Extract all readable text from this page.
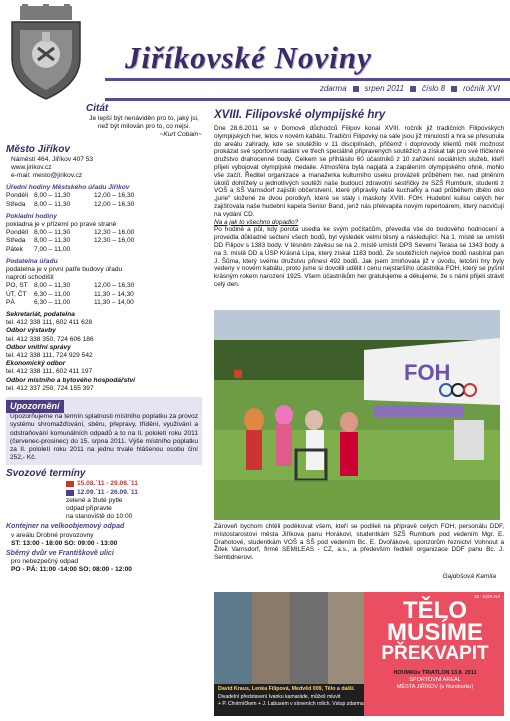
Jiříkovské Noviny
zdarma srpen 2011 číslo 8 ročník XVI
Citát
Je lepší být nenáviděn pro to, jaký jsi, než být milován pro to, co nejsi.
~Kurt Cobain~
Město Jiříkov
Náměstí 464, Jiříkov 407 53
www.jirikov.cz
e-mail: mesto@jirikov.cz
Úřední hodiny Městského úřadu Jiříkov
Pondělí 8,00 – 11,30	12,00 – 16,30
Středa	8,00 – 11,30	12,00 – 16,30
Pokladní hodiny
pokladna je v přízemí po pravé straně
Pondělí 8,00 – 11,30	12,30 – 16,00
Středa	8,00 – 11,30	12,30 – 16,00
Pátek	7,00 – 11,00
Podatelna úřadu
podatelna je v první patře budovy úřadu naproti schodišti
PO, ST 8,00 – 11,30	12,00 – 16,30
ÚT, ČT	6,30 – 11,00	11,30 – 14,30
PÁ	6,30 – 11,00	11,30 – 14,00
Sekretariát, podatelna
tel. 412 338 111, 602 411 628
Odbor výstavby
tel. 412 338 350, 724 606 186
Odbor vnitřní správy
tel. 412 338 111, 724 929 542
Ekonomický odbor
tel. 412 338 111, 602 411 197
Odbor místního a bytového hospodářství
tel. 412 337 250, 724 155 397
Upozornění
Upozorňujeme na termín splatnosti místního poplatku za provoz systému shromažďování, sběru, přepravy, třídění, využívání a odstraňování komunálních odpadů a to na II. pololetí roku 2011 (červenec-prosinec) do 15. srpna 2011. Výše místního poplatku za II. pololetí roku 2011 na jednu trvale hlášenou osobu činí 252,- Kč.
Svozové termíny
15.08.´11 - 29.08.´11
12.09.´11 - 26.09.´11
zelené a žluté pytle
odpad připravte
na stanoviště do 10:00
Kontejner na velkoobjemový odpad
v areálu Drobné provozovny
ST: 13:00 - 18:00 SO: 09:00 - 13:00
Sběrný dvůr ve Františkově ulici
pro nebezpečný odpad
PO - PÁ: 11:00 -14:00 SO: 08:00 - 12:00
XVIII. Filipovské olympijské hry
Dne 28.6.2011 se v Domově důchodců Filipov konal XVIII. ročník již tradičních Filipovských olympijských her, letos v novém kabátu. Tradiční Filipovky na sále jsou již minulostí a hra se přesunula do areálu zahrady, kde se soutěžilo v 11 disciplínách, přičemž i doprovody klientů měli možnost prokázat své sportovní nadání ve třech speciálně připravených soutěžích a získat tak pro své třičlenné družstvo drahocenné body. Celkem se přihlásilo 60 účastníků z 10 zařízení sociálních služeb, kteří přijeli vybojovat olympijské medaile. Atmosféra byla napjatá a zapálením olympijského ohně, mohlo vše začít. Ředitel organizace a manažerka kulturního úseku provázeli průběhem her, nad plněním úkolů dohlížely u jednotlivých soutěží naše budoucí zdravotní sestřičky ze SZŠ Rumburk, studenti z VOŠ a SŠ Varnsdorf zajistili občerstvení, které připravily naše kuchařky a nad průběhem dbělo oko „jurie“ složené ze dvou porotkyň, které se staly i maskoty XVIII. FOH. Hudební kulisu celých her zajišťovala naše hudební kapela Senior Band, jenž nás překvapila novým repertoárem, který nacvičují na vydání CD.
Na a jak to všechno dopadlo?
Po hodině a půl, kdy porota usedla ke svým počítačům, převedla vše do bodového hodnocení a provedla důkladné sečtení všech bodů, byl výsledek velmi těsný a následující: Na 1. místě se umístil DD Filipov s 1383 body. V těsném závěsu se na 2. místě umístil DPS Severní Terasa se 1343 body a na 3. místě DD a ÚSP Krásná Lípa, který získal 1183 bodů. Ze soutěžících nejvíce bodů nasbíral pan J. Šůma, který svému družstvu přinesl 492 bodů. Jak jsem zmiňovala již v úvodu, letošní hry byly vedeny v novém kabátu, proto jsme si dovolili udělit i cenu nejstaršího účastníka FOH, který se pyšnil krásným rokem narození 1925. Všem účastníkům her gratulujeme a děkujeme, že s námi přijeli strávit celý den.
FOH
Zároveň bychom chtěli poděkovat všem, kteří se podíleli na přípravě celých FOH, personálu DDF, místostarostovi města Jiříkova panu Horákovi, studentkám SZŠ Rumburk pod vedením Mgr. E. Drahotové, studentkám VOŠ a SŠ pod vedením Bc. E. Dvořákové, sponzorům řeznictví Vohnout a Žitek Varnsdorf, firmě SEMILEAS - CZ, a.s., a především ředitelí organizace DDF panu Bc. J. Sembdnerovi.
Gajdošová Kamila
15 - KOR NÁ
TĚLO
MUSÍME
PŘEKVAPIT
HOUMRův TRIATLON 13.8. 2011
SPORTOVNÍ AREÁL
MĚSTA JIŘÍKOV (u Rumburku)
David Kraus, Lenka Filipová, Medvěd 009, Tělo a další.
Divadelní představení Ivanku kamaráde, můžeš mluvit
+ P. Chvtrníčkem + J. Labusem v sloveních rolích. Vstup zdarma
